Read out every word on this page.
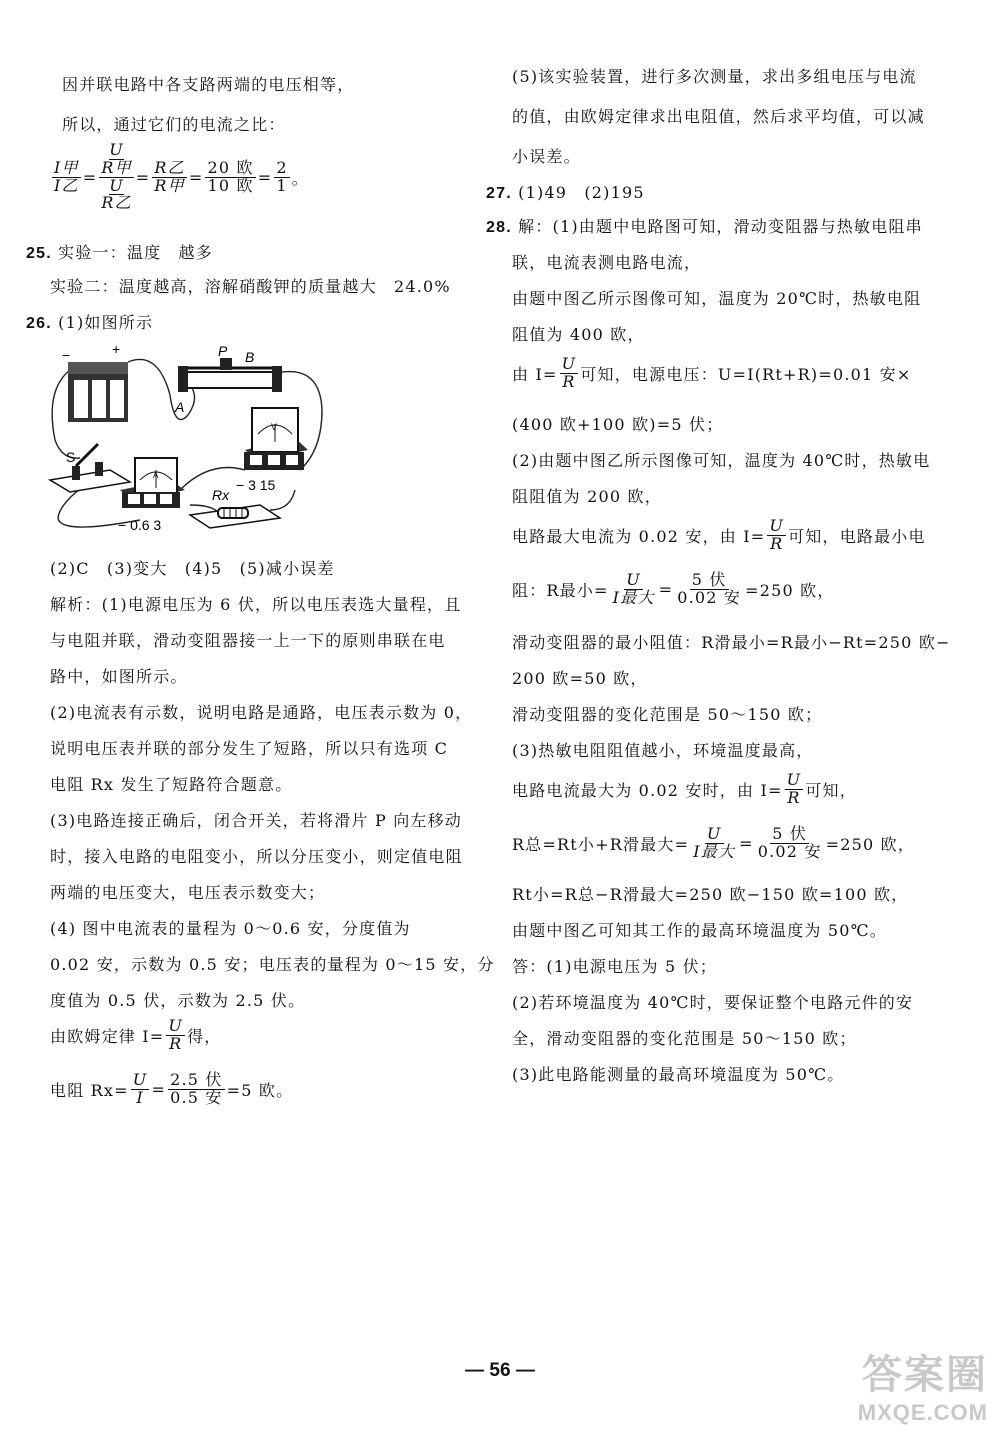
因并联电路中各支路两端的电压相等，
所以，通过它们的电流之比：
$\frac{\text{I甲}}{\text{I乙}} = U$
R甲
U
R乙 = $\frac{\text{R乙}}{\text{R甲}} = \frac{\text{20 欧}}{\text{10 欧}} = \frac{2}{1}$ 。
25. 实验一：温度　越多
实验二：温度越高，溶解硝酸钾的质量越大　24.0%
26. (1)如图所示
−	+	P B
A
S
A
− 0.6 3
V
− 3 15
Rx
(2)C　(3)变大　(4)5　(5)减小误差
解析：(1)电源电压为 6 伏，所以电压表选大量程，且
与电阻并联，滑动变阻器接一上一下的原则串联在电
路中，如图所示。
(2)电流表有示数，说明电路是通路，电压表示数为 0，
说明电压表并联的部分发生了短路，所以只有选项 C
电阻 Rx 发生了短路符合题意。
(3)电路连接正确后，闭合开关，若将滑片 P 向左移动
时，接入电路的电阻变小，所以分压变小，则定值电阻
两端的电压变大，电压表示数变大；
(4) 图中电流表的量程为 0～0.6 安，分度值为
0.02 安，示数为 0.5 安；电压表的量程为 0～15 安，分
度值为 0.5 伏，示数为 2.5 伏。
由欧姆定律 $I= \frac{U}{R}$ 得，
电阻 $Rx= \frac{U}{I} = \frac{\text{2.5 伏}}{\text{0.5 安}} =5$ 欧。
(5)该实验装置，进行多次测量，求出多组电压与电流
的值，由欧姆定律求出电阻值，然后求平均值，可以减
小误差。
27. (1)49　(2)195
28. 解：(1)由题中电路图可知，滑动变阻器与热敏电阻串
联，电流表测电路电流，
由题中图乙所示图像可知，温度为 20℃时，热敏电阻
阻值为 400 欧，
由 $I= \frac{U}{R}$ 可知，电源电压：U=I(Rt+R)=0.01 安×
(400 欧+100 欧)=5 伏；
(2)由题中图乙所示图像可知，温度为 40℃时，热敏电
阻阻值为 200 欧，
电路最大电流为 0.02 安，由 $I= \frac{U}{R}$ 可知，电路最小电
阻：R最小= $\frac{U}{\text{I最大}} = \frac{\text{5 伏}}{\text{0.02 安}} =250$ 欧，
滑动变阻器的最小阻值：R滑最小=R最小−Rt=250 欧−
200 欧=50 欧，
滑动变阻器的变化范围是 50～150 欧；
(3)热敏电阻阻值越小，环境温度最高，
电路电流最大为 0.02 安时，由 $I= \frac{U}{R}$ 可知，
R总=Rt小+R滑最大= $\frac{U}{\text{I最大}} = \frac{\text{5 伏}}{\text{0.02 安}} =250$ 欧，
Rt小=R总−R滑最大=250 欧−150 欧=100 欧，
由题中图乙可知其工作的最高环境温度为 50℃。
答：(1)电源电压为 5 伏；
(2)若环境温度为 40℃时，要保证整个电路元件的安
全，滑动变阻器的变化范围是 50～150 欧；
(3)此电路能测量的最高环境温度为 50℃。
— 56 —	答案圈
MXQE.COM
